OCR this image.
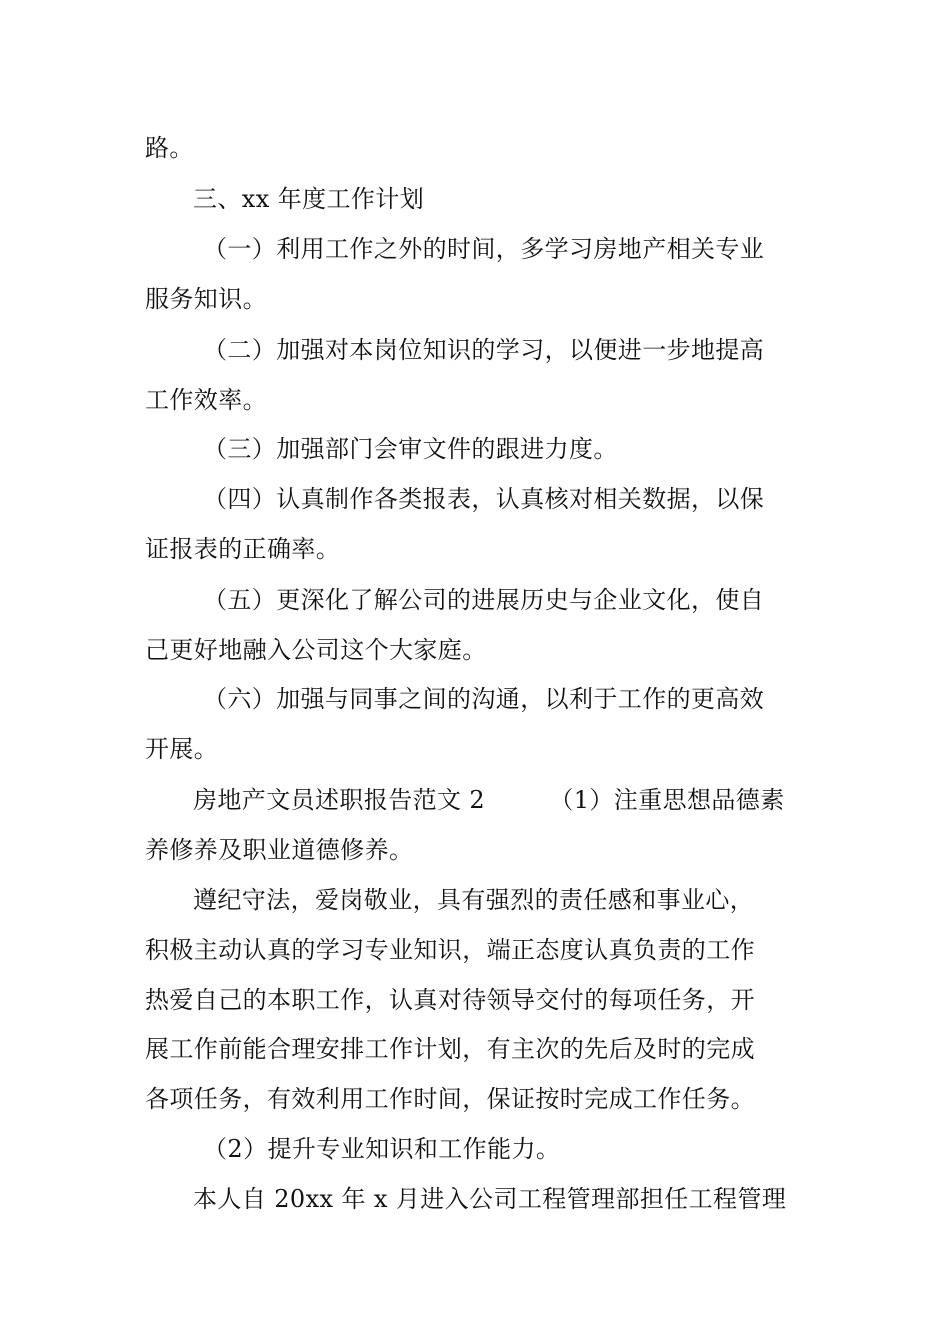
路。
三、xx 年度工作计划
（一）利用工作之外的时间，多学习房地产相关专业
服务知识。
（二）加强对本岗位知识的学习，以便进一步地提高
工作效率。
（三）加强部门会审文件的跟进力度。
（四）认真制作各类报表，认真核对相关数据，以保
证报表的正确率。
（五）更深化了解公司的进展历史与企业文化，使自
己更好地融入公司这个大家庭。
（六）加强与同事之间的沟通，以利于工作的更高效
开展。
房地产文员述职报告范文 2        （1）注重思想品德素
养修养及职业道德修养。
遵纪守法，爱岗敬业，具有强烈的责任感和事业心，
积极主动认真的学习专业知识，端正态度认真负责的工作
热爱自己的本职工作，认真对待领导交付的每项任务，开
展工作前能合理安排工作计划，有主次的先后及时的完成
各项任务，有效利用工作时间，保证按时完成工作任务。
（2）提升专业知识和工作能力。
本人自 20xx 年 x 月进入公司工程管理部担任工程管理
